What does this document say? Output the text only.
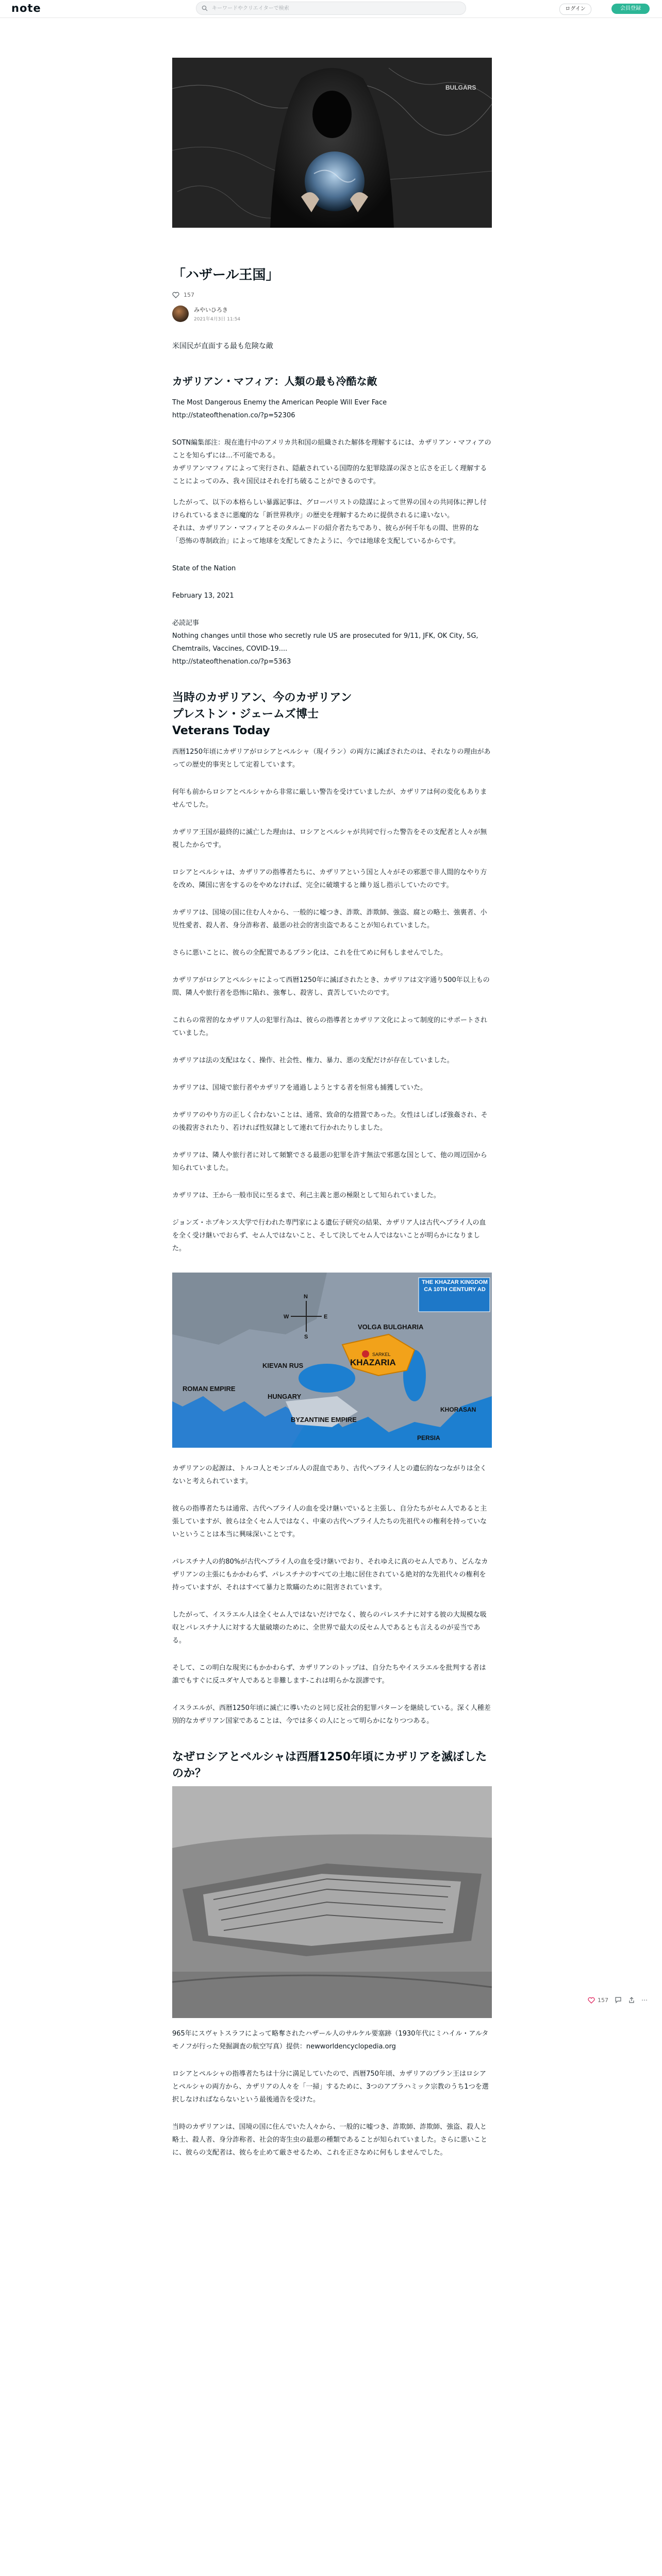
note
キーワードやクリエイターで検索	ログイン	会員登録
BULGARS
「ハザール王国」
157
みやいひろき
2021年4月3日 11:54

米国民が直面する最も危険な敵

カザリアン・マフィア：人類の最も冷酷な敵

The Most Dangerous Enemy the American People Will Ever Face

http://stateofthenation.co/?p=52306

SOTN編集部注：現在進行中のアメリカ共和国の組織された解体を理解するには、カザリアン・マフィアのことを知らずには…不可能である。

カザリアンマフィアによって実行され、隠蔽されている国際的な犯罪陰謀の深さと広さを正しく理解することによってのみ、我々国民はそれを打ち破ることができるのです。

したがって、以下の本格らしい暴露記事は、グローバリストの陰謀によって世界の国々の共同体に押し付けられているまさに悪魔的な「新世界秩序」の歴史を理解するために提供されるに違いない。

それは、カザリアン・マフィアとそのタルムードの紹介者たちであり、彼らが何千年もの間、世界的な「恐怖の専制政治」によって地球を支配してきたように、今では地球を支配しているからです。

State of the Nation

February 13, 2021

必読記事

Nothing changes until those who secretly rule US are prosecuted for 9/11, JFK, OK City, 5G, Chemtrails, Vaccines, COVID-19....

http://stateofthenation.co/?p=5363

当時のカザリアン、今のカザリアン
プレストン・ジェームズ博士
Veterans Today

西暦1250年頃にカザリアがロシアとペルシャ（現イラン）の両方に滅ぼされたのは、それなりの理由があっての歴史的事実として定着しています。

何年も前からロシアとペルシャから非常に厳しい警告を受けていましたが、カザリアは何の変化もありませんでした。

カザリア王国が最終的に滅亡した理由は、ロシアとペルシャが共同で行った警告をその支配者と人々が無視したからです。

ロシアとペルシャは、カザリアの指導者たちに、カザリアという国と人々がその邪悪で非人間的なやり方を改め、隣国に害をするのをやめなければ、完全に破壊すると繰り返し指示していたのです。

カザリアは、国境の国に住む人々から、一般的に嘘つき、詐欺、詐欺師、強盗、腐との略士、強裏者、小児性愛者、殺人者、身分詐称者、最悪の社会的害虫盗であることが知られていました。

さらに悪いことに、彼らの全配置であるブラン化は、これを仕てめに何もしませんでした。

カザリアがロシアとペルシャによって西暦1250年に滅ぼされたとき、カザリアは文字通り500年以上もの間、隣人や旅行者を恐怖に陥れ、強奪し、殺害し、責苦していたのです。

これらの常習的なカザリア人の犯罪行為は、彼らの指導者とカザリア文化によって制度的にサポートされていました。

カザリアは法の支配はなく、操作、社会性、権力、暴力、悪の支配だけが存在していました。

カザリアは、国境で旅行者やカザリアを通過しようとする者を恒常も捕獲していた。

カザリアのやり方の正しく合わないことは、通常、致命的な措置であった。女性はしばしば強姦され、その後殺害されたり、若ければ性奴隷として連れて行かれたりしました。

カザリアは、隣人や旅行者に対して頻繁でさる最悪の犯罪を許す無法で邪悪な国として、他の周辺国から知られていました。

カザリアは、王から一般市民に至るまで、利己主義と悪の極限として知られていました。

ジョンズ・ホプキンス大学で行われた専門家による遺伝子研究の結果、カザリア人は古代ヘブライ人の血を全く受け継いでおらず、セム人ではないこと、そして決してセム人ではないことが明らかになりました。

N
S
W	E
THE KHAZAR KINGDOM CA 10TH CENTURY AD
VOLGA BULGHARIA
KHAZARIA
KIEVAN RUS
HUNGARY
ROMAN EMPIRE
BYZANTINE EMPIRE
SARKEL
KHORASAN
PERSIA

カザリアンの起源は、トルコ人とモンゴル人の混血であり、古代ヘブライ人との遺伝的なつながりは全くないと考えられています。

彼らの指導者たちは通常、古代ヘブライ人の血を受け継いでいると主張し、自分たちがセム人であると主張していますが、彼らは全くセム人ではなく、中東の古代ヘブライ人たちの先祖代々の権利を持っていないということは本当に興味深いことです。

パレスチナ人の約80%が古代ヘブライ人の血を受け継いでおり、それゆえに真のセム人であり、どんなカザリアンの主張にもかかわらず、パレスチナのすべての土地に居住されている絶対的な先祖代々の権利を持っていますが、それはすべて暴力と欺瞞のために阻害されています。

したがって、イスラエル人は全くセム人ではないだけでなく、彼らのパレスチナに対する彼の大規模な吸収とパレスチナ人に対する大量破壊のために、全世界で最大の反セム人であるとも言えるのが妥当である。

そして、この明白な現実にもかかわらず、カザリアンのトップは、自分たちやイスラエルを批判する者は誰でもすぐに反ユダヤ人であると非難します-これは明らかな誤謬です。

イスラエルが、西暦1250年頃に滅亡に導いたのと同じ反社会的犯罪パターンを継続している。深く人種差別的なカザリアン国家であることは、今では多くの人にとって明らかになりつつある。

なぜロシアとペルシャは西暦1250年頃にカザリアを滅ぼしたのか？

965年にスヴャトスラフによって略奪されたハザール人のサルケル要塞跡（1930年代にミハイル・アルタモノフが行った発掘調査の航空写真）提供：newworldencyclopedia.org

ロシアとペルシャの指導者たちは十分に満足していたので、西暦750年頃、カザリアのプラン王はロシアとペルシャの両方から、カザリアの人々を「一掃」するために、3つのアブラハミック宗教のうち1つを選択しなければならないという最後通告を受けた。

当時のカザリアンは、国境の国に住んでいた人々から、一般的に嘘つき、詐欺師、詐欺師、強盗、殺人と略士、殺人者、身分詐称者、社会的寄生虫の最悪の種類であることが知られていました。さらに悪いことに、彼らの支配者は、彼らを止めて厳させるため、これを正さなめに何もしませんでした。

157	⋯
